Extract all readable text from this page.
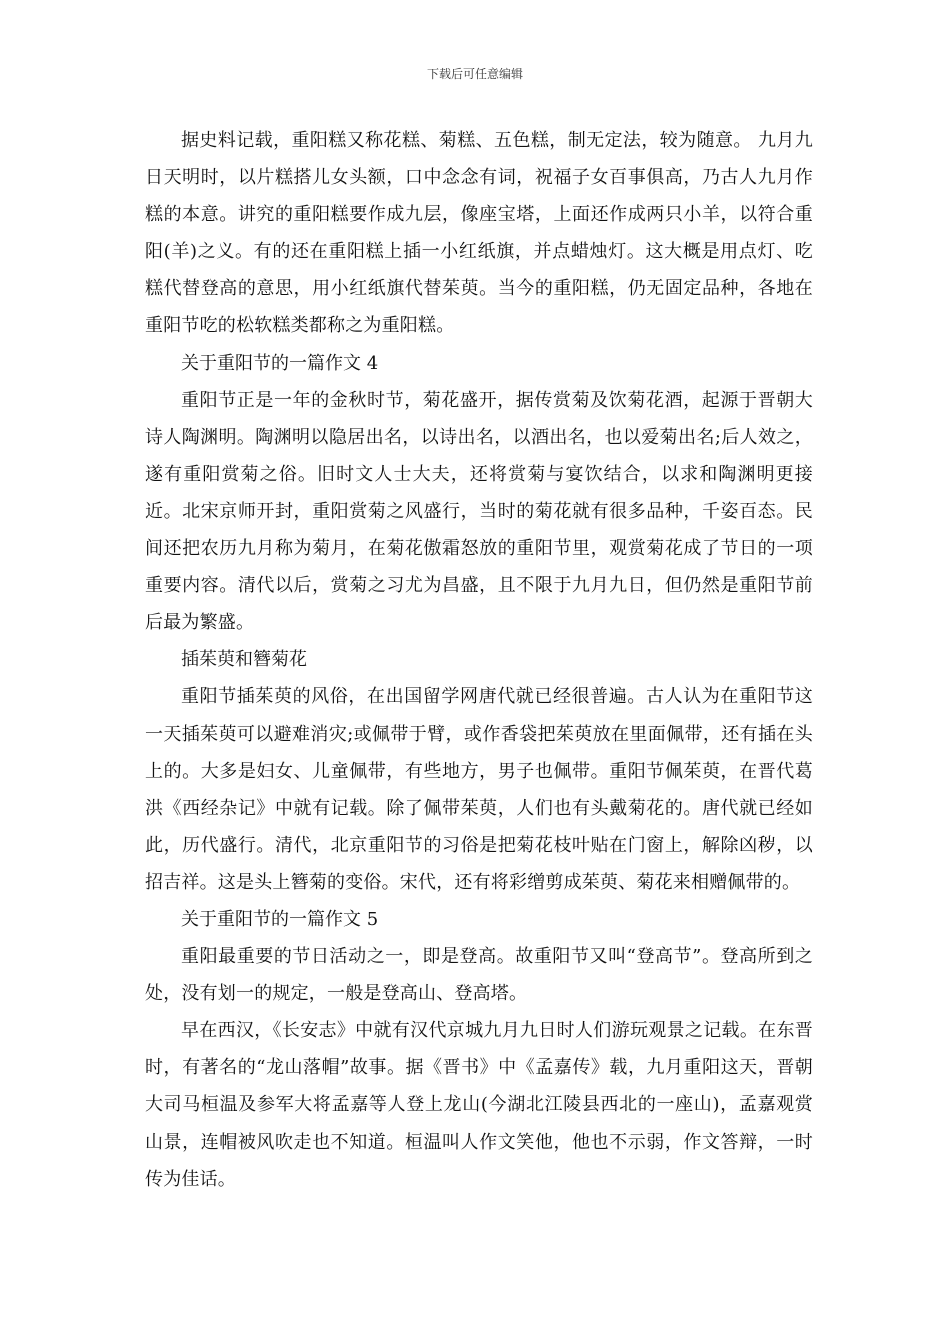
下载后可任意编辑

据史料记载，重阳糕又称花糕、菊糕、五色糕，制无定法，较为随意。 九月九日天明时，以片糕搭儿女头额，口中念念有词，祝福子女百事俱高，乃古人九月作糕的本意。讲究的重阳糕要作成九层，像座宝塔，上面还作成两只小羊，以符合重阳(羊)之义。有的还在重阳糕上插一小红纸旗，并点蜡烛灯。这大概是用点灯、吃糕代替登高的意思，用小红纸旗代替茱萸。当今的重阳糕，仍无固定品种，各地在重阳节吃的松软糕类都称之为重阳糕。

关于重阳节的一篇作文 4

重阳节正是一年的金秋时节，菊花盛开，据传赏菊及饮菊花酒，起源于晋朝大诗人陶渊明。陶渊明以隐居出名，以诗出名，以酒出名，也以爱菊出名;后人效之，遂有重阳赏菊之俗。旧时文人士大夫，还将赏菊与宴饮结合，以求和陶渊明更接近。北宋京师开封，重阳赏菊之风盛行，当时的菊花就有很多品种，千姿百态。民间还把农历九月称为菊月，在菊花傲霜怒放的重阳节里，观赏菊花成了节日的一项重要内容。清代以后，赏菊之习尤为昌盛，且不限于九月九日，但仍然是重阳节前后最为繁盛。

插茱萸和簪菊花

重阳节插茱萸的风俗，在出国留学网唐代就已经很普遍。古人认为在重阳节这一天插茱萸可以避难消灾;或佩带于臂，或作香袋把茱萸放在里面佩带，还有插在头上的。大多是妇女、儿童佩带，有些地方，男子也佩带。重阳节佩茱萸，在晋代葛洪《西经杂记》中就有记载。除了佩带茱萸，人们也有头戴菊花的。唐代就已经如此，历代盛行。清代，北京重阳节的习俗是把菊花枝叶贴在门窗上，解除凶秽，以招吉祥。这是头上簪菊的变俗。宋代，还有将彩缯剪成茱萸、菊花来相赠佩带的。

关于重阳节的一篇作文 5

重阳最重要的节日活动之一，即是登高。故重阳节又叫“登高节”。登高所到之处，没有划一的规定，一般是登高山、登高塔。

早在西汉，《长安志》中就有汉代京城九月九日时人们游玩观景之记载。在东晋时，有著名的“龙山落帽”故事。据《晋书》中《孟嘉传》载，九月重阳这天，晋朝大司马桓温及参军大将孟嘉等人登上龙山(今湖北江陵县西北的一座山)，孟嘉观赏山景，连帽被风吹走也不知道。桓温叫人作文笑他，他也不示弱，作文答辩，一时传为佳话。
